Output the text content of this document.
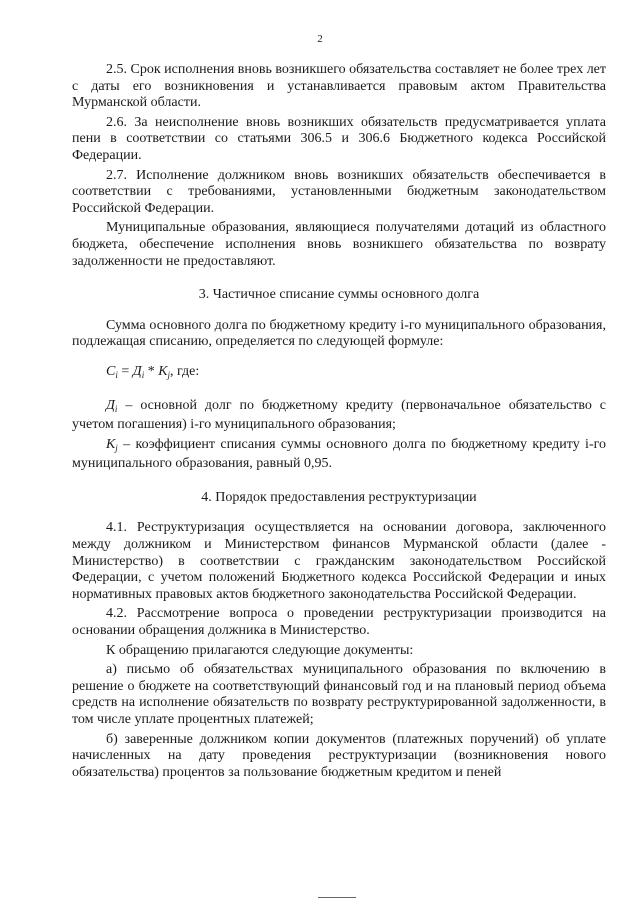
2

2.5. Срок исполнения вновь возникшего обязательства составляет не более трех лет с даты его возникновения и устанавливается правовым актом Правительства Мурманской области.

2.6. За неисполнение вновь возникших обязательств предусматривается уплата пени в соответствии со статьями 306.5 и 306.6 Бюджетного кодекса Российской Федерации.

2.7. Исполнение должником вновь возникших обязательств обеспечивается в соответствии с требованиями, установленными бюджетным законодательством Российской Федерации.

Муниципальные образования, являющиеся получателями дотаций из областного бюджета, обеспечение исполнения вновь возникшего обязательства по возврату задолженности не предоставляют.

3. Частичное списание суммы основного долга

Сумма основного долга по бюджетному кредиту i-го муниципального образования, подлежащая списанию, определяется по следующей формуле:

$С_i = Д_i * К_j$, где:

$Д_i$ – основной долг по бюджетному кредиту (первоначальное обязательство с учетом погашения) i-го муниципального образования;

$К_j$ – коэффициент списания суммы основного долга по бюджетному кредиту i-го муниципального образования, равный 0,95.

4. Порядок предоставления реструктуризации

4.1. Реструктуризация осуществляется на основании договора, заключенного между должником и Министерством финансов Мурманской области (далее - Министерство) в соответствии с гражданским законодательством Российской Федерации, с учетом положений Бюджетного кодекса Российской Федерации и иных нормативных правовых актов бюджетного законодательства Российской Федерации.

4.2. Рассмотрение вопроса о проведении реструктуризации производится на основании обращения должника в Министерство.

К обращению прилагаются следующие документы:

а) письмо об обязательствах муниципального образования по включению в решение о бюджете на соответствующий финансовый год и на плановый период объема средств на исполнение обязательств по возврату реструктурированной задолженности, в том числе уплате процентных платежей;

б) заверенные должником копии документов (платежных поручений) об уплате начисленных на дату проведения реструктуризации (возникновения нового обязательства) процентов за пользование бюджетным кредитом и пеней
